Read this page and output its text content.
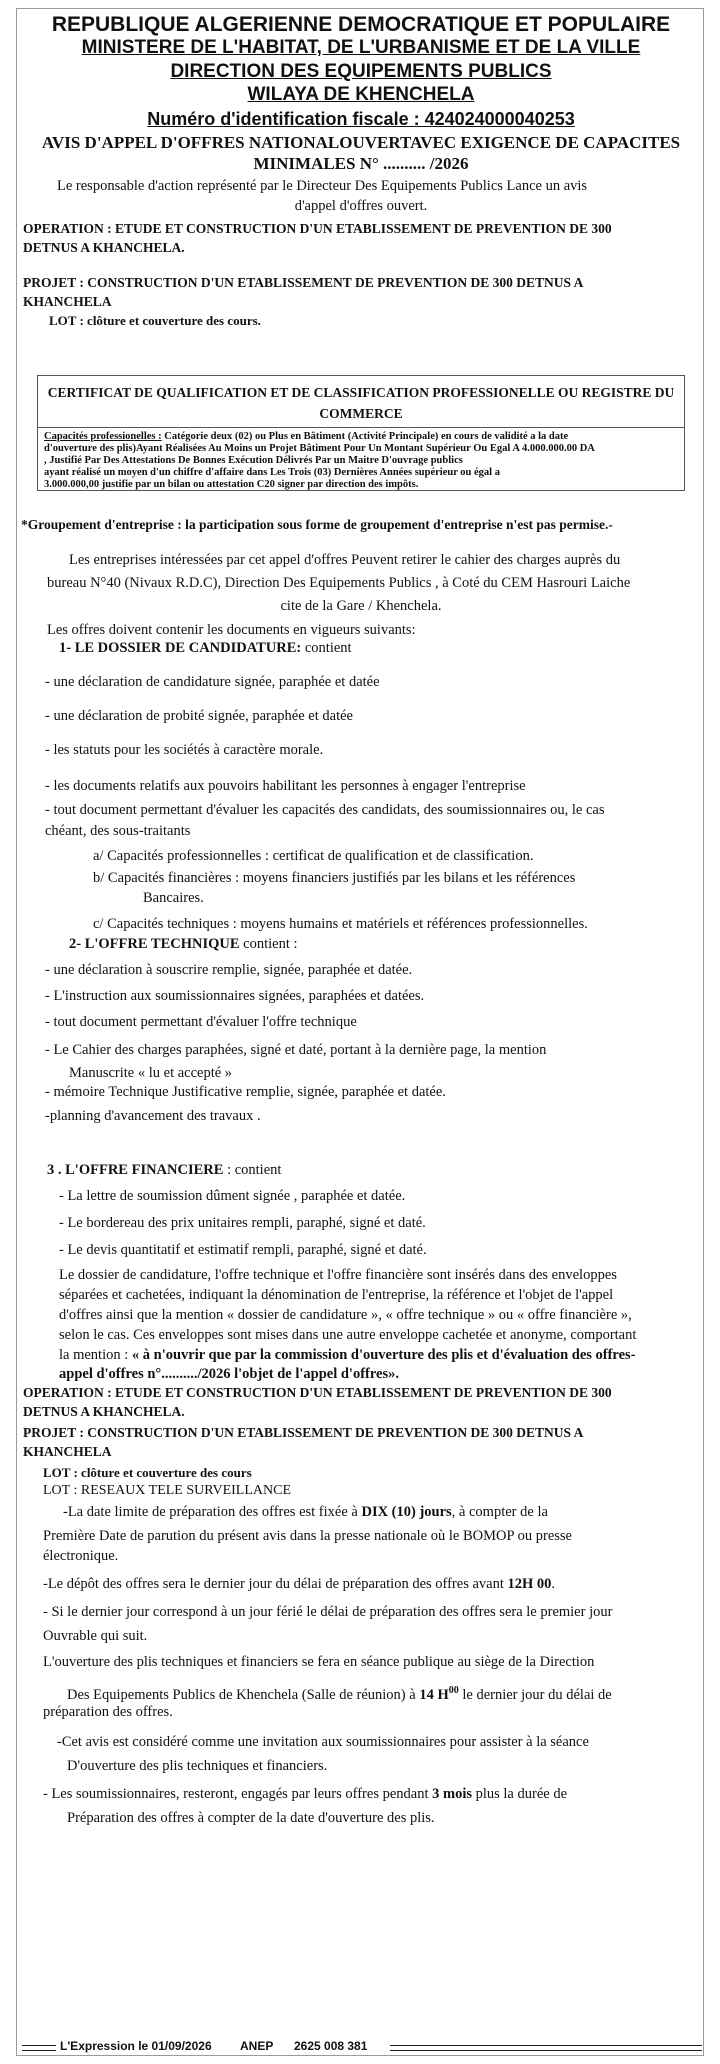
REPUBLIQUE ALGERIENNE DEMOCRATIQUE ET POPULAIRE
MINISTERE DE L'HABITAT, DE L'URBANISME ET DE LA VILLE
DIRECTION DES EQUIPEMENTS PUBLICS
WILAYA DE KHENCHELA
Numéro d'identification fiscale : 424024000040253
AVIS D'APPEL D'OFFRES NATIONALOUVERTAVEC EXIGENCE DE CAPACITES
MINIMALES N° .......... /2026
Le responsable d'action représenté par le Directeur Des Equipements Publics Lance un avis
d'appel d'offres ouvert.
OPERATION : ETUDE ET CONSTRUCTION D'UN ETABLISSEMENT DE PREVENTION DE 300
DETNUS A KHANCHELA.
PROJET : CONSTRUCTION D'UN ETABLISSEMENT DE PREVENTION DE 300 DETNUS A
KHANCHELA
LOT : clôture et couverture des cours.
CERTIFICAT DE QUALIFICATION ET DE CLASSIFICATION PROFESSIONELLE OU REGISTRE DU
COMMERCE
Capacités professionelles : Catégorie deux (02) ou Plus en Bâtiment (Activité Principale) en cours de validité a la date
d'ouverture des plis)Ayant Réalisées Au Moins un Projet Bâtiment Pour Un Montant Supérieur Ou Egal A 4.000.000.00 DA
, Justifié Par Des Attestations De Bonnes Exécution Délivrés Par un Maitre D'ouvrage publics
ayant réalisé un moyen d'un chiffre d'affaire dans Les Trois (03) Dernières Années supérieur ou égal a
3.000.000,00 justifie par un bilan ou attestation C20 signer par direction des impôts.
*Groupement d'entreprise : la participation sous forme de groupement d'entreprise n'est pas permise.-
Les entreprises intéressées par cet appel d'offres Peuvent retirer le cahier des charges auprès du
bureau N°40 (Nivaux R.D.C), Direction Des Equipements Publics , à Coté du CEM Hasrouri Laiche
cite de la Gare / Khenchela.
Les offres doivent contenir les documents en vigueurs suivants:
1- LE DOSSIER DE CANDIDATURE: contient
- une déclaration de candidature signée, paraphée et datée
- une déclaration de probité signée, paraphée et datée
- les statuts pour les sociétés à caractère morale.
- les documents relatifs aux pouvoirs habilitant les personnes à engager l'entreprise
- tout document permettant d'évaluer les capacités des candidats, des soumissionnaires ou, le cas
chéant, des sous-traitants
a/ Capacités professionnelles : certificat de qualification et de classification.
b/ Capacités financières : moyens financiers justifiés par les bilans et les références
Bancaires.
c/ Capacités techniques : moyens humains et matériels et références professionnelles.
2- L'OFFRE TECHNIQUE contient :
- une déclaration à souscrire remplie, signée, paraphée et datée.
- L'instruction aux soumissionnaires signées, paraphées et datées.
- tout document permettant d'évaluer l'offre technique
- Le Cahier des charges paraphées, signé et daté, portant à la dernière page, la mention
Manuscrite « lu et accepté »
- mémoire Technique Justificative remplie, signée, paraphée et datée.
-planning d'avancement des travaux .
3 . L'OFFRE FINANCIERE : contient
- La lettre de soumission dûment signée , paraphée et datée.
- Le bordereau des prix unitaires rempli, paraphé, signé et daté.
- Le devis quantitatif et estimatif rempli, paraphé, signé et daté.
Le dossier de candidature, l'offre technique et l'offre financière sont insérés dans des enveloppes
séparées et cachetées, indiquant la dénomination de l'entreprise, la référence et l'objet de l'appel
d'offres ainsi que la mention « dossier de candidature », « offre technique » ou « offre financière »,
selon le cas. Ces enveloppes sont mises dans une autre enveloppe cachetée et anonyme, comportant
la mention : « à n'ouvrir que par la commission d'ouverture des plis et d'évaluation des offres-
appel d'offres n°........../2026 l'objet de l'appel d'offres».
OPERATION : ETUDE ET CONSTRUCTION D'UN ETABLISSEMENT DE PREVENTION DE 300
DETNUS A KHANCHELA.
PROJET : CONSTRUCTION D'UN ETABLISSEMENT DE PREVENTION DE 300 DETNUS A
KHANCHELA
LOT : clôture et couverture des cours
LOT : RESEAUX TELE SURVEILLANCE
-La date limite de préparation des offres est fixée à DIX (10) jours, à compter de la
Première Date de parution du présent avis dans la presse nationale où le BOMOP ou presse
électronique.
-Le dépôt des offres sera le dernier jour du délai de préparation des offres avant 12H 00.
- Si le dernier jour correspond à un jour férié le délai de préparation des offres sera le premier jour
Ouvrable qui suit.
L'ouverture des plis techniques et financiers se fera en séance publique au siège de la Direction
Des Equipements Publics de Khenchela (Salle de réunion) à 14 $H^{00}$ le dernier jour du délai de
préparation des offres.
-Cet avis est considéré comme une invitation aux soumissionnaires pour assister à la séance
D'ouverture des plis techniques et financiers.
- Les soumissionnaires, resteront, engagés par leurs offres pendant 3 mois plus la durée de
Préparation des offres à compter de la date d'ouverture des plis.
L'Expression le 01/09/2026 ANEP 2625 008 381
